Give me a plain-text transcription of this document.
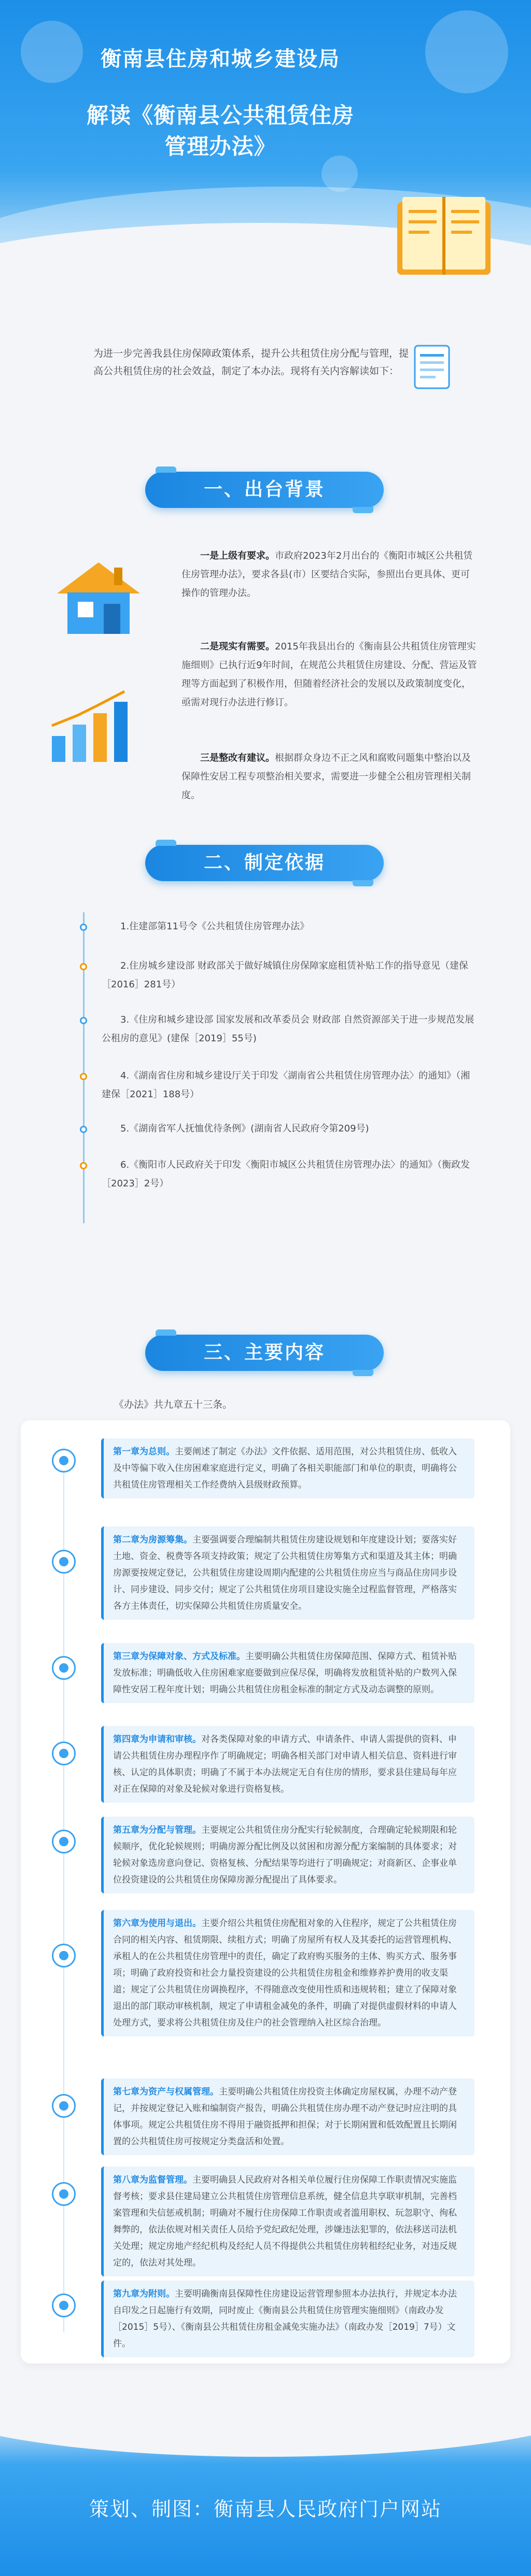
衡南县住房和城乡建设局
解读《衡南县公共租赁住房管理办法》

为进一步完善我县住房保障政策体系，提升公共租赁住房分配与管理，提高公共租赁住房的社会效益，制定了本办法。现将有关内容解读如下：

一、出台背景

一是上级有要求。市政府2023年2月出台的《衡阳市城区公共租赁住房管理办法》，要求各县(市）区要结合实际，参照出台更具体、更可操作的管理办法。

二是现实有需要。2015年我县出台的《衡南县公共租赁住房管理实施细则》已执行近9年时间，在规范公共租赁住房建设、分配、营运及管理等方面起到了积极作用，但随着经济社会的发展以及政策制度变化，亟需对现行办法进行修订。

三是整改有建议。根据群众身边不正之风和腐败问题集中整治以及保障性安居工程专项整治相关要求，需要进一步健全公租房管理相关制度。

二、制定依据

1.住建部第11号令《公共租赁住房管理办法》

2.住房城乡建设部 财政部关于做好城镇住房保障家庭租赁补贴工作的指导意见（建保［2016］281号）

3.《住房和城乡建设部 国家发展和改革委员会 财政部 自然资源部关于进一步规范发展公租房的意见》(建保［2019］55号)

4.《湖南省住房和城乡建设厅关于印发〈湖南省公共租赁住房管理办法〉的通知》（湘建保［2021］188号）

5.《湖南省军人抚恤优待条例》(湖南省人民政府令第209号)

6.《衡阳市人民政府关于印发〈衡阳市城区公共租赁住房管理办法〉的通知》（衡政发［2023］2号）

三、主要内容

《办法》共九章五十三条。

第一章为总则。主要阐述了制定《办法》文件依据、适用范围，对公共租赁住房、低收入及中等偏下收入住房困难家庭进行定义，明确了各相关职能部门和单位的职责，明确将公共租赁住房管理相关工作经费纳入县级财政预算。
第二章为房源筹集。主要强调要合理编制共租赁住房建设规划和年度建设计划；要落实好土地、资金、税费等各项支持政策；规定了公共租赁住房筹集方式和渠道及其主体；明确房源要按规定登记，公共租赁住房建设周期内配建的公共租赁住房应当与商品住房同步设计、同步建设、同步交付；规定了公共租赁住房项目建设实施全过程监督管理，严格落实各方主体责任，切实保障公共租赁住房质量安全。
第三章为保障对象、方式及标准。主要明确公共租赁住房保障范围、保障方式、租赁补贴发放标准；明确低收入住房困难家庭要做到应保尽保，明确将发放租赁补贴的户数列入保障性安居工程年度计划；明确公共租赁住房租金标准的制定方式及动态调整的原则。
第四章为申请和审核。对各类保障对象的申请方式、申请条件、申请人需提供的资料、申请公共租赁住房办理程序作了明确规定；明确各相关部门对申请人相关信息、资料进行审核、认定的具体职责；明确了不属于本办法规定无自有住房的情形，要求县住建局每年应对正在保障的对象及轮候对象进行资格复核。
第五章为分配与管理。主要规定公共租赁住房分配实行轮候制度，合理确定轮候期限和轮候顺序，优化轮候规则；明确房源分配比例及以贫困和房源分配方案编制的具体要求；对轮候对象选房意向登记、资格复核、分配结果等均进行了明确规定；对商新区、企事业单位投资建设的公共租赁住房保障房源分配提出了具体要求。
第六章为使用与退出。主要介绍公共租赁住房配租对象的入住程序，规定了公共租赁住房合同的相关内容、租赁期限、续租方式；明确了房屋所有权人及其委托的运营管理机构、承租人的在公共租赁住房管理中的责任，确定了政府购买服务的主体、购买方式、服务事项；明确了政府投资和社会力量投资建设的公共租赁住房租金和维修养护费用的收支渠道；规定了公共租赁住房调换程序，不得随意改变使用性质和违规转租；建立了保障对象退出的部门联动审核机制，规定了申请租金减免的条件，明确了对提供虚假材料的申请人处理方式，要求将公共租赁住房及住户的社会管理纳入社区综合治理。
第七章为资产与权属管理。主要明确公共租赁住房投资主体确定房屋权属，办理不动产登记，并按规定登记入账和编制资产报告，明确公共租赁住房办理不动产登记时应注明的具体事项。规定公共租赁住房不得用于融资抵押和担保；对于长期闲置和低效配置且长期闲置的公共租赁住房可按规定分类盘活和处置。
第八章为监督管理。主要明确县人民政府对各相关单位履行住房保障工作职责情况实施监督考核；要求县住建局建立公共租赁住房管理信息系统，健全信息共享联审机制，完善档案管理和失信惩戒机制；明确对不履行住房保障工作职责或者滥用职权、玩忽职守、徇私舞弊的，依法依规对相关责任人员给予党纪政纪处理，涉嫌违法犯罪的，依法移送司法机关处理；规定房地产经纪机构及经纪人员不得提供公共租赁住房转租经纪业务，对违反规定的，依法对其处理。
第九章为附则。主要明确衡南县保障性住房建设运营管理参照本办法执行，并规定本办法自印发之日起施行有效期，同时废止《衡南县公共租赁住房管理实施细则》（南政办发［2015］5号）、《衡南县公共租赁住房租金减免实施办法》（南政办发［2019］7号）文件。
策划、制图：衡南县人民政府门户网站
